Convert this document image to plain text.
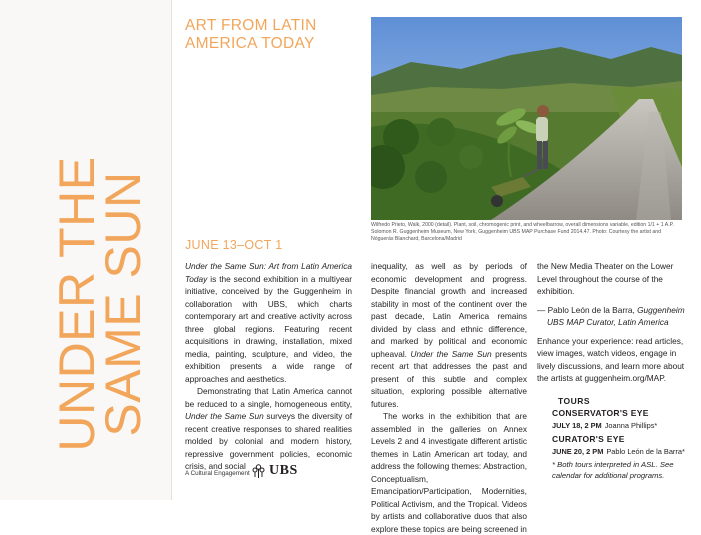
UNDER THE
SAME SUN
ART FROM LATIN
AMERICA TODAY
Wilfredo Prieto, Walk, 2000 (detail). Plant, soil, chromogenic print, and wheelbarrow, overall dimensions variable, edition 1/1 + 1 A.P. Solomon R. Guggenheim Museum, New York, Guggenheim UBS MAP Purchase Fund 2014.47. Photo: Courtesy the artist and Nóguerás Blanchard, Barcelona/Madrid
JUNE 13–OCT 1

Under the Same Sun: Art from Latin America Today is the second exhibition in a multiyear initiative, conceived by the Guggenheim in collaboration with UBS, which charts contemporary art and creative activity across three global regions. Featuring recent acquisitions in drawing, installation, mixed media, painting, sculpture, and video, the exhibition presents a wide range of approaches and aesthetics.

Demonstrating that Latin America cannot be reduced to a single, homogeneous entity, Under the Same Sun surveys the diversity of recent creative responses to shared realities molded by colonial and modern history, repressive government policies, economic crisis, and social

inequality, as well as by periods of economic development and progress. Despite financial growth and increased stability in most of the continent over the past decade, Latin America remains divided by class and ethnic difference, and marked by political and economic upheaval. Under the Same Sun presents recent art that addresses the past and present of this subtle and complex situation, exploring possible alternative futures.

The works in the exhibition that are assembled in the galleries on Annex Levels 2 and 4 investigate different artistic themes in Latin American art today, and address the following themes: Abstraction, Conceptualism, Emancipation/Participation, Modernities, Political Activism, and the Tropical. Videos by artists and collaborative duos that also explore these topics are being screened in

the New Media Theater on the Lower Level throughout the course of the exhibition.

— Pablo León de la Barra, Guggenheim UBS MAP Curator, Latin America

Enhance your experience: read articles, view images, watch videos, engage in lively discussions, and learn more about the artists at guggenheim.org/MAP.

TOURS
CONSERVATOR'S EYE
JULY 18, 2 PM Joanna Phillips*
CURATOR'S EYE
JUNE 20, 2 PM Pablo León de la Barra*
* Both tours interpreted in ASL. See calendar for additional programs.
A Cultural Engagement UBS
